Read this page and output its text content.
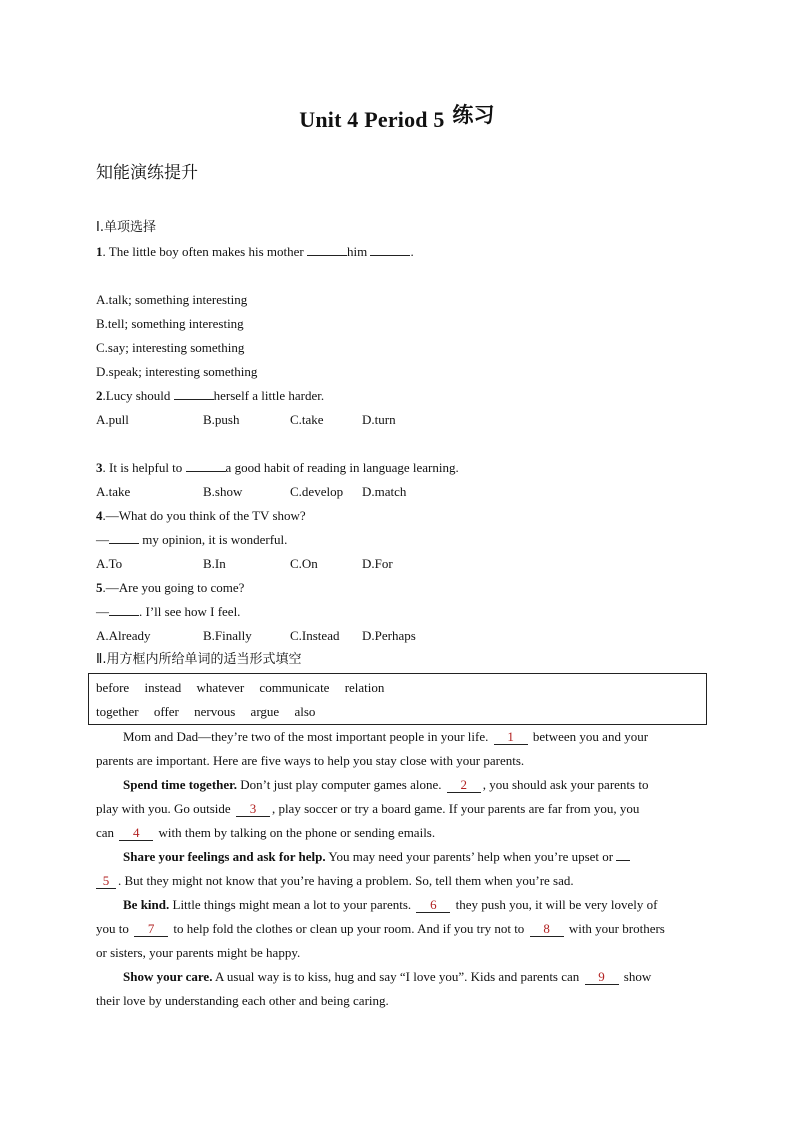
Unit 4 Period 5 练习
知能演练提升
Ⅰ.单项选择
1. The little boy often makes his mother	him	.
A.talk; something interesting
B.tell; something interesting
C.say; interesting something
D.speak; interesting something
2.Lucy should	herself a little harder.
A.pull	B.push	C.take	D.turn
3. It is helpful to	a good habit of reading in language learning.
A.take	B.show	C.develop D.match
4.—What do you think of the TV show?
— my opinion, it is wonderful.
A.To	B.In	C.On	D.For
5.—Are you going to come?
— . I’ll see how I feel.
A.Already	B.Finally	C.Instead D.Perhaps
Ⅱ.用方框内所给单词的适当形式填空
before instead whatever communicate relation
together offer nervous argue also
Mom and Dad—they’re two of the most important people in your life. 1 between you and your
parents are important. Here are five ways to help you stay close with your parents.
Spend time together. Don’t just play computer games alone. 2 , you should ask your parents to
play with you. Go outside 3 , play soccer or try a board game. If your parents are far from you, you
can 4 with them by talking on the phone or sending emails.
Share your feelings and ask for help. You may need your parents’ help when you’re upset or
5 . But they might not know that you’re having a problem. So, tell them when you’re sad.
Be kind. Little things might mean a lot to your parents. 6 they push you, it will be very lovely of
you to 7 to help fold the clothes or clean up your room. And if you try not to 8 with your brothers
or sisters, your parents might be happy.
Show your care. A usual way is to kiss, hug and say “I love you”. Kids and parents can 9 show
their love by understanding each other and being caring.
